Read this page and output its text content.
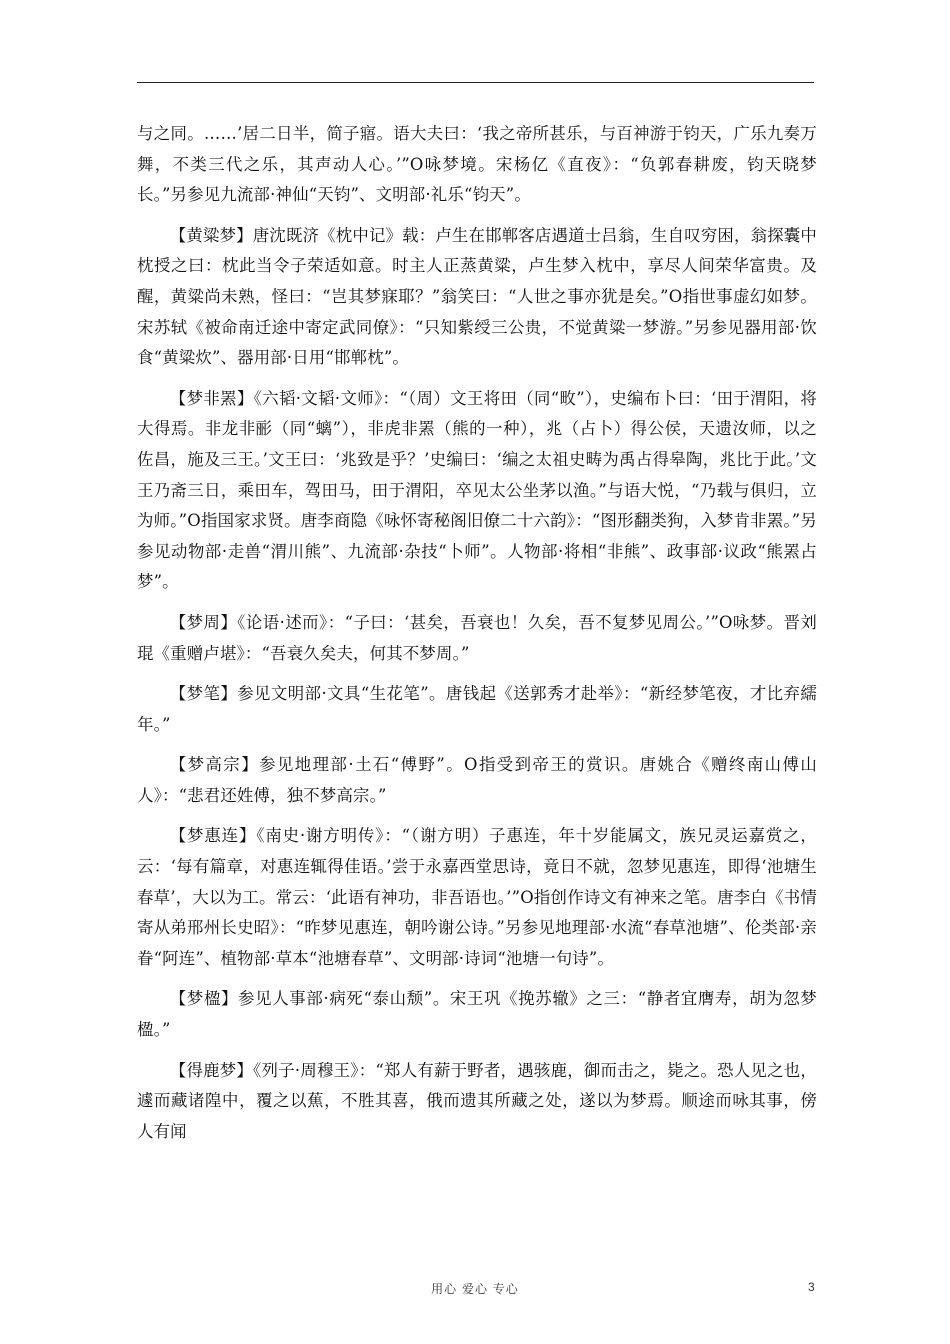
与之同。……’居二日半，简子寤。语大夫曰：‘我之帝所甚乐，与百神游于钧天，广乐九奏万舞，不类三代之乐，其声动人心。’”O咏梦境。宋杨亿《直夜》：“负郭春耕废，钧天晓梦长。”另参见九流部·神仙“天钧”、文明部·礼乐“钧天”。

【黄粱梦】唐沈既济《枕中记》载：卢生在邯郸客店遇道士吕翁，生自叹穷困，翁探囊中枕授之曰：枕此当令子荣适如意。时主人正蒸黄粱，卢生梦入枕中，享尽人间荣华富贵。及醒，黄粱尚未熟，怪曰：“岂其梦寐耶？”翁笑曰：“人世之事亦犹是矣。”O指世事虚幻如梦。宋苏轼《被命南迁途中寄定武同僚》：“只知紫绶三公贵，不觉黄粱一梦游。”另参见器用部·饮食“黄粱炊”、器用部·日用“邯郸枕”。

【梦非罴】《六韬·文韬·文师》：“（周）文王将田（同“畋”），史编布卜曰：‘田于渭阳，将大得焉。非龙非彨（同“螭”），非虎非罴（熊的一种），兆（占卜）得公侯，天遗汝师，以之佐昌，施及三王。’文王曰：‘兆致是乎？’史编曰：‘编之太祖史畴为禹占得皋陶，兆比于此。’文王乃斋三日，乘田车，驾田马，田于渭阳，卒见太公坐茅以渔。”与语大悦，“乃载与俱归，立为师。”O指国家求贤。唐李商隐《咏怀寄秘阁旧僚二十六韵》：“图形翻类狗，入梦肯非罴。”另参见动物部·走兽“渭川熊”、九流部·杂技“卜师”。人物部·将相“非熊”、政事部·议政“熊罴占梦”。

【梦周】《论语·述而》：“子曰：‘甚矣，吾衰也！久矣，吾不复梦见周公。’”O咏梦。晋刘琨《重赠卢堪》：“吾衰久矣夫，何其不梦周。”

【梦笔】参见文明部·文具“生花笔”。唐钱起《送郭秀才赴举》：“新经梦笔夜，才比弃繻年。”

【梦高宗】参见地理部·土石“傅野”。O指受到帝王的赏识。唐姚合《赠终南山傅山人》：“悲君还姓傅，独不梦高宗。”

【梦惠连】《南史·谢方明传》：“（谢方明）子惠连，年十岁能属文，族兄灵运嘉赏之，云：‘每有篇章，对惠连辄得佳语。’尝于永嘉西堂思诗，竟日不就，忽梦见惠连，即得‘池塘生春草’，大以为工。常云：‘此语有神功，非吾语也。’”O指创作诗文有神来之笔。唐李白《书情寄从弟邢州长史昭》：“昨梦见惠连，朝吟谢公诗。”另参见地理部·水流“春草池塘”、伦类部·亲眷“阿连”、植物部·草本“池塘春草”、文明部·诗词“池塘一句诗”。

【梦楹】参见人事部·病死“泰山颓”。宋王巩《挽苏辙》之三：“静者宜膺寿，胡为忽梦楹。”

【得鹿梦】《列子·周穆王》：“郑人有薪于野者，遇骇鹿，御而击之，毙之。恐人见之也，遽而藏诸隍中，覆之以蕉，不胜其喜，俄而遗其所藏之处，遂以为梦焉。顺途而咏其事，傍人有闻

用心 爱心 专心	3
